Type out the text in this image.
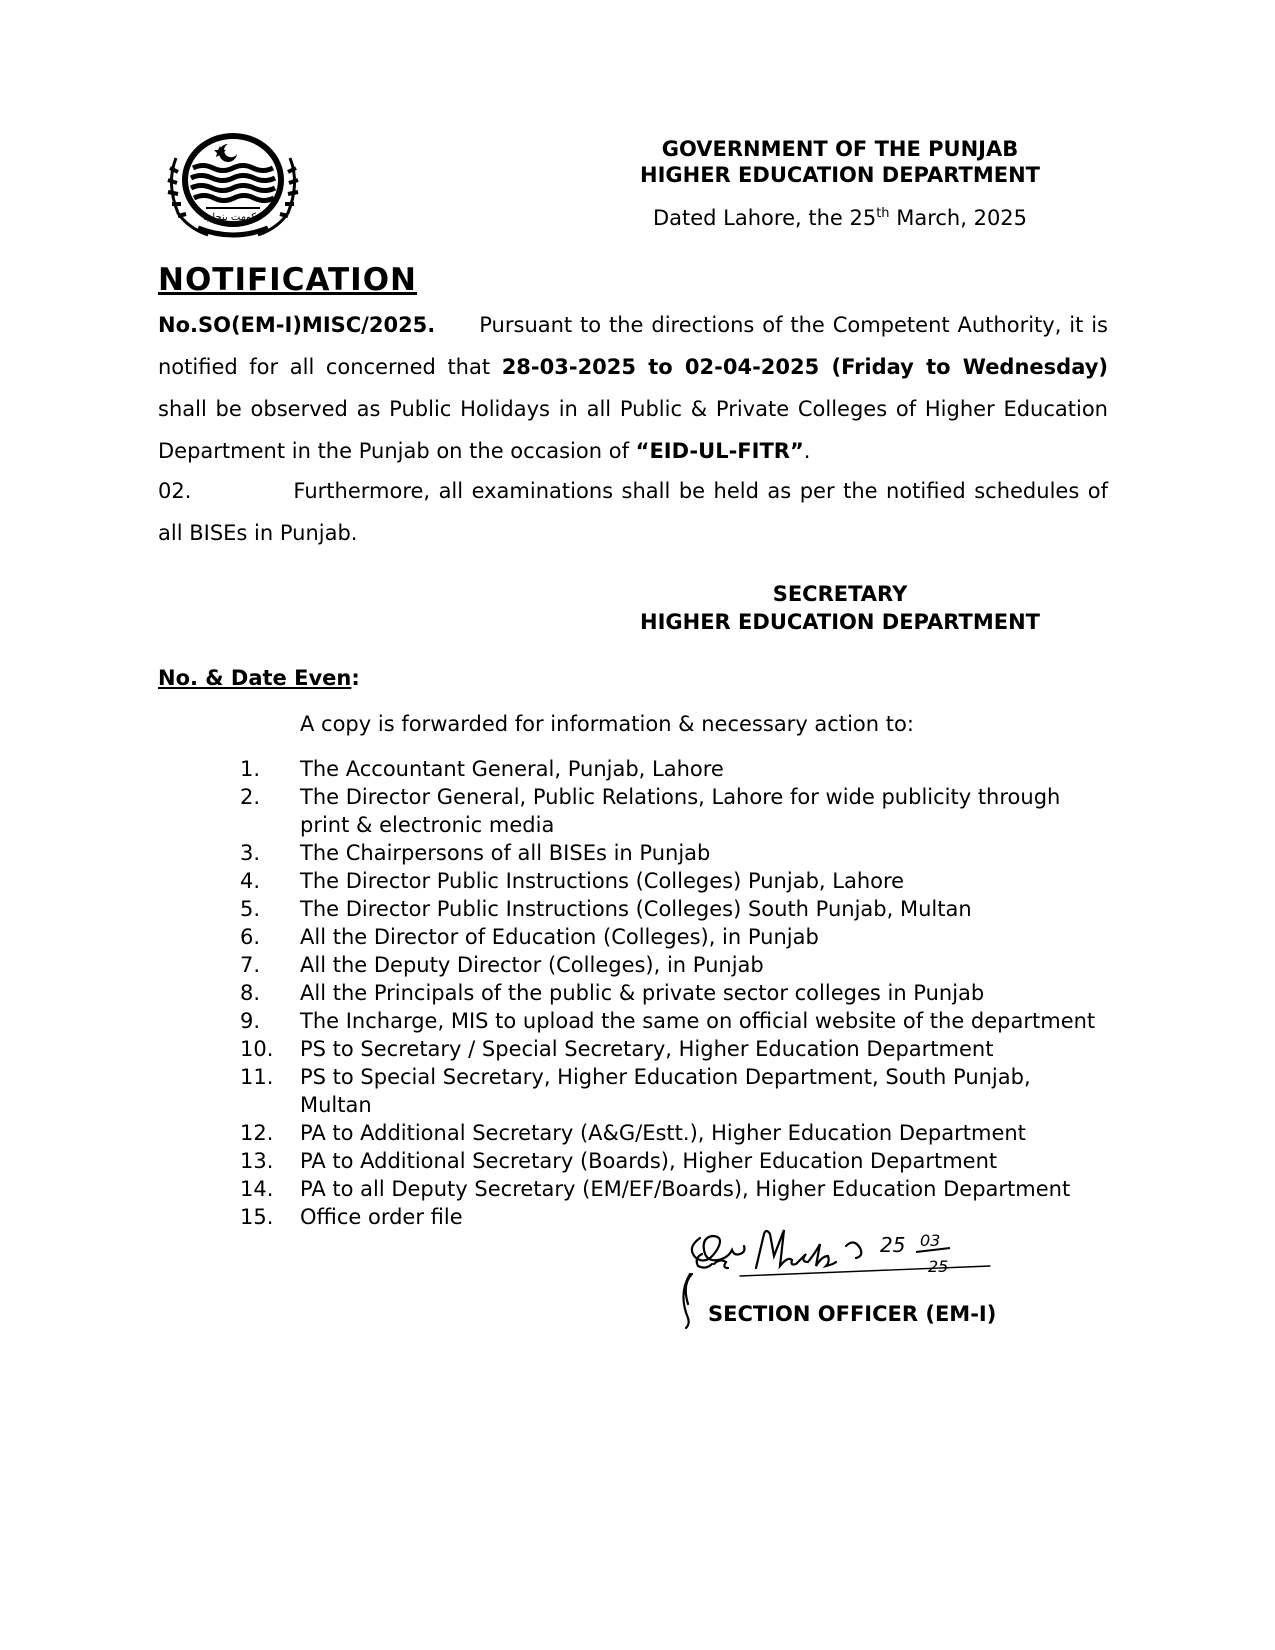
حکومت پنجاب
GOVERNMENT OF THE PUNJAB
HIGHER EDUCATION DEPARTMENT
Dated Lahore, the 25th March, 2025
NOTIFICATION
No.SO(EM-I)MISC/2025. Pursuant to the directions of the Competent Authority, it is notified for all concerned that 28-03-2025 to 02-04-2025 (Friday to Wednesday) shall be observed as Public Holidays in all Public & Private Colleges of Higher Education Department in the Punjab on the occasion of “EID-UL-FITR”.
02.	Furthermore, all examinations shall be held as per the notified schedules of all BISEs in Punjab.
SECRETARY
HIGHER EDUCATION DEPARTMENT
No. & Date Even:
A copy is forwarded for information & necessary action to:
1.	The Accountant General, Punjab, Lahore
2.	The Director General, Public Relations, Lahore for wide publicity through print & electronic media
3.	The Chairpersons of all BISEs in Punjab
4.	The Director Public Instructions (Colleges) Punjab, Lahore
5.	The Director Public Instructions (Colleges) South Punjab, Multan
6.	All the Director of Education (Colleges), in Punjab
7.	All the Deputy Director (Colleges), in Punjab
8.	All the Principals of the public & private sector colleges in Punjab
9.	The Incharge, MIS to upload the same on official website of the department
10.	PS to Secretary / Special Secretary, Higher Education Department
11.	PS to Special Secretary, Higher Education Department, South Punjab, Multan
12.	PA to Additional Secretary (A&G/Estt.), Higher Education Department
13.	PA to Additional Secretary (Boards), Higher Education Department
14.	PA to all Deputy Secretary (EM/EF/Boards), Higher Education Department
15.	Office order file
25 03
25
SECTION OFFICER (EM-I)
